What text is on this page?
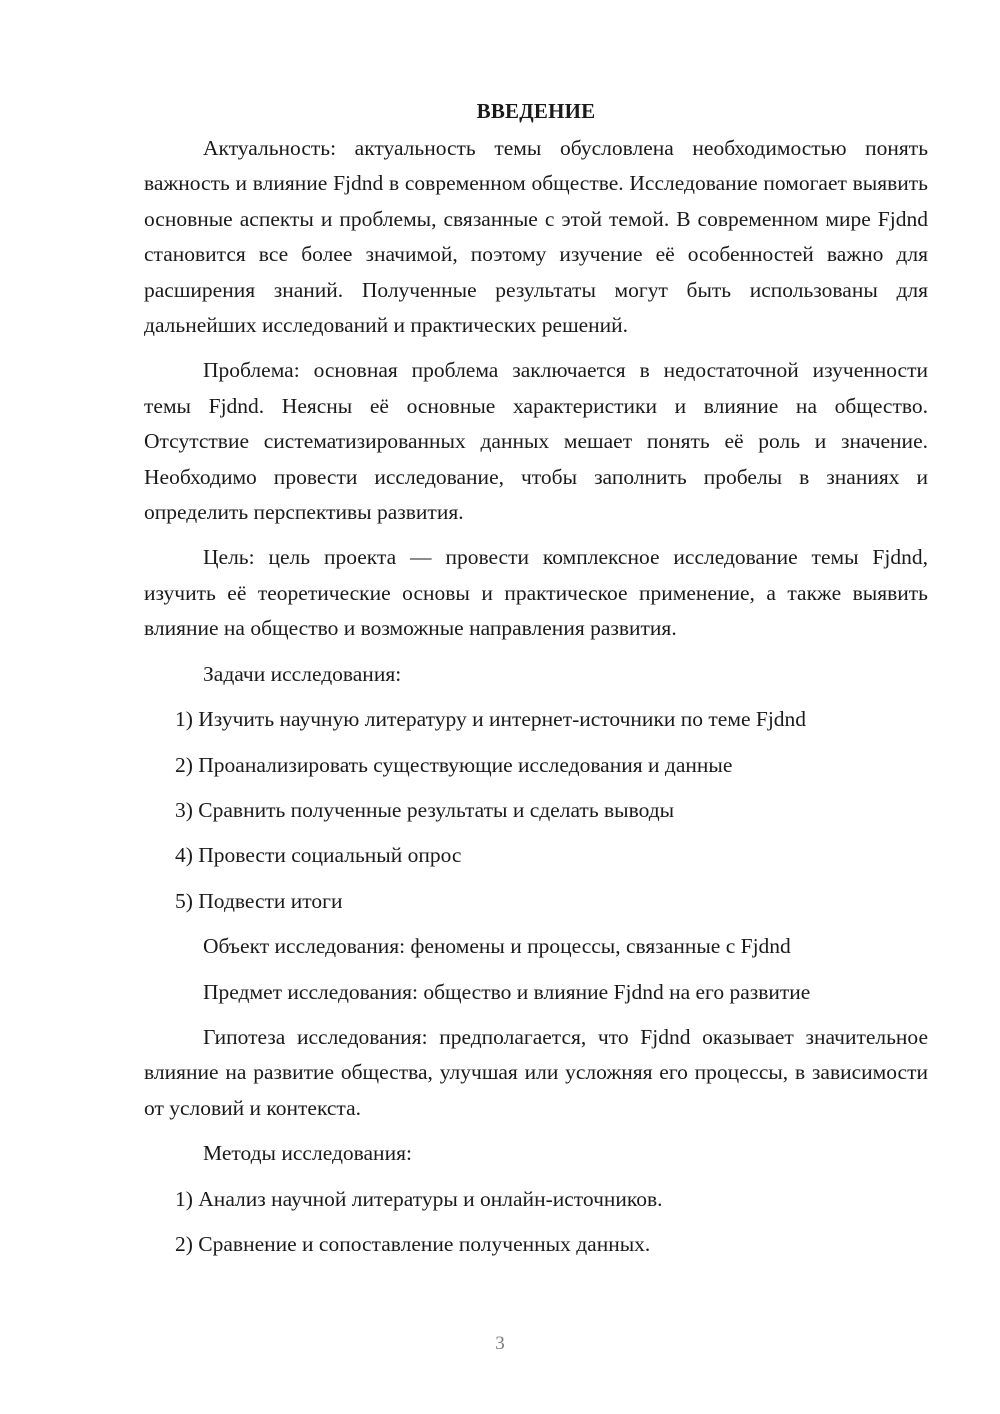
ВВЕДЕНИЕ

Актуальность: актуальность темы обусловлена необходимостью понять важность и влияние Fjdnd в современном обществе. Исследование помогает выявить основные аспекты и проблемы, связанные с этой темой. В современном мире Fjdnd становится все более значимой, поэтому изучение её особенностей важно для расширения знаний. Полученные результаты могут быть использованы для дальнейших исследований и практических решений.

Проблема: основная проблема заключается в недостаточной изученности темы Fjdnd. Неясны её основные характеристики и влияние на общество. Отсутствие систематизированных данных мешает понять её роль и значение. Необходимо провести исследование, чтобы заполнить пробелы в знаниях и определить перспективы развития.

Цель: цель проекта — провести комплексное исследование темы Fjdnd, изучить её теоретические основы и практическое применение, а также выявить влияние на общество и возможные направления развития.

Задачи исследования:
1) Изучить научную литературу и интернет-источники по теме Fjdnd
2) Проанализировать существующие исследования и данные
3) Сравнить полученные результаты и сделать выводы
4) Провести социальный опрос
5) Подвести итоги
Объект исследования: феномены и процессы, связанные с Fjdnd
Предмет исследования: общество и влияние Fjdnd на его развитие

Гипотеза исследования: предполагается, что Fjdnd оказывает значительное влияние на развитие общества, улучшая или усложняя его процессы, в зависимости от условий и контекста.

Методы исследования:
1) Анализ научной литературы и онлайн-источников.
2) Сравнение и сопоставление полученных данных.
3
